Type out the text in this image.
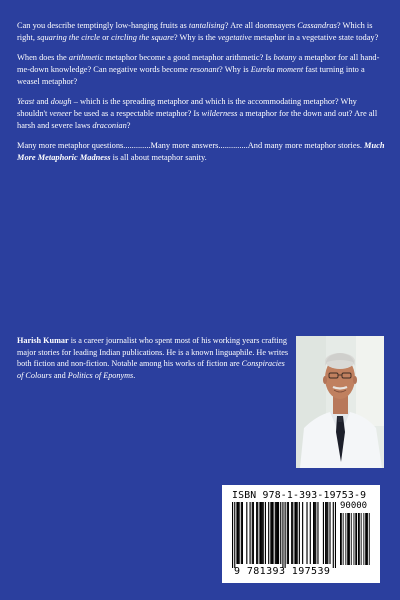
Can you describe temptingly low-hanging fruits as tantalising? Are all doomsayers Cassandras? Which is right, squaring the circle or circling the square? Why is the vegetative metaphor in a vegetative state today?

When does the arithmetic metaphor become a good metaphor arithmetic? Is botany a metaphor for all hand-me-down knowledge? Can negative words become resonant? Why is Eureka moment fast turning into a weasel metaphor?

Yeast and dough – which is the spreading metaphor and which is the accommodating metaphor? Why shouldn't veneer be used as a respectable metaphor? Is wilderness a metaphor for the down and out? Are all harsh and severe laws draconian?

Many more metaphor questions.............Many more answers..............And many more metaphor stories. Much More Metaphoric Madness is all about metaphor sanity.

Harish Kumar is a career journalist who spent most of his working years crafting major stories for leading Indian publications. He is a known linguaphile. He writes both fiction and non-fiction. Notable among his works of fiction are Conspiracies of Colours and Politics of Eponyms.
ISBN 978-1-393-19753-9
90000
9 781393 197539
